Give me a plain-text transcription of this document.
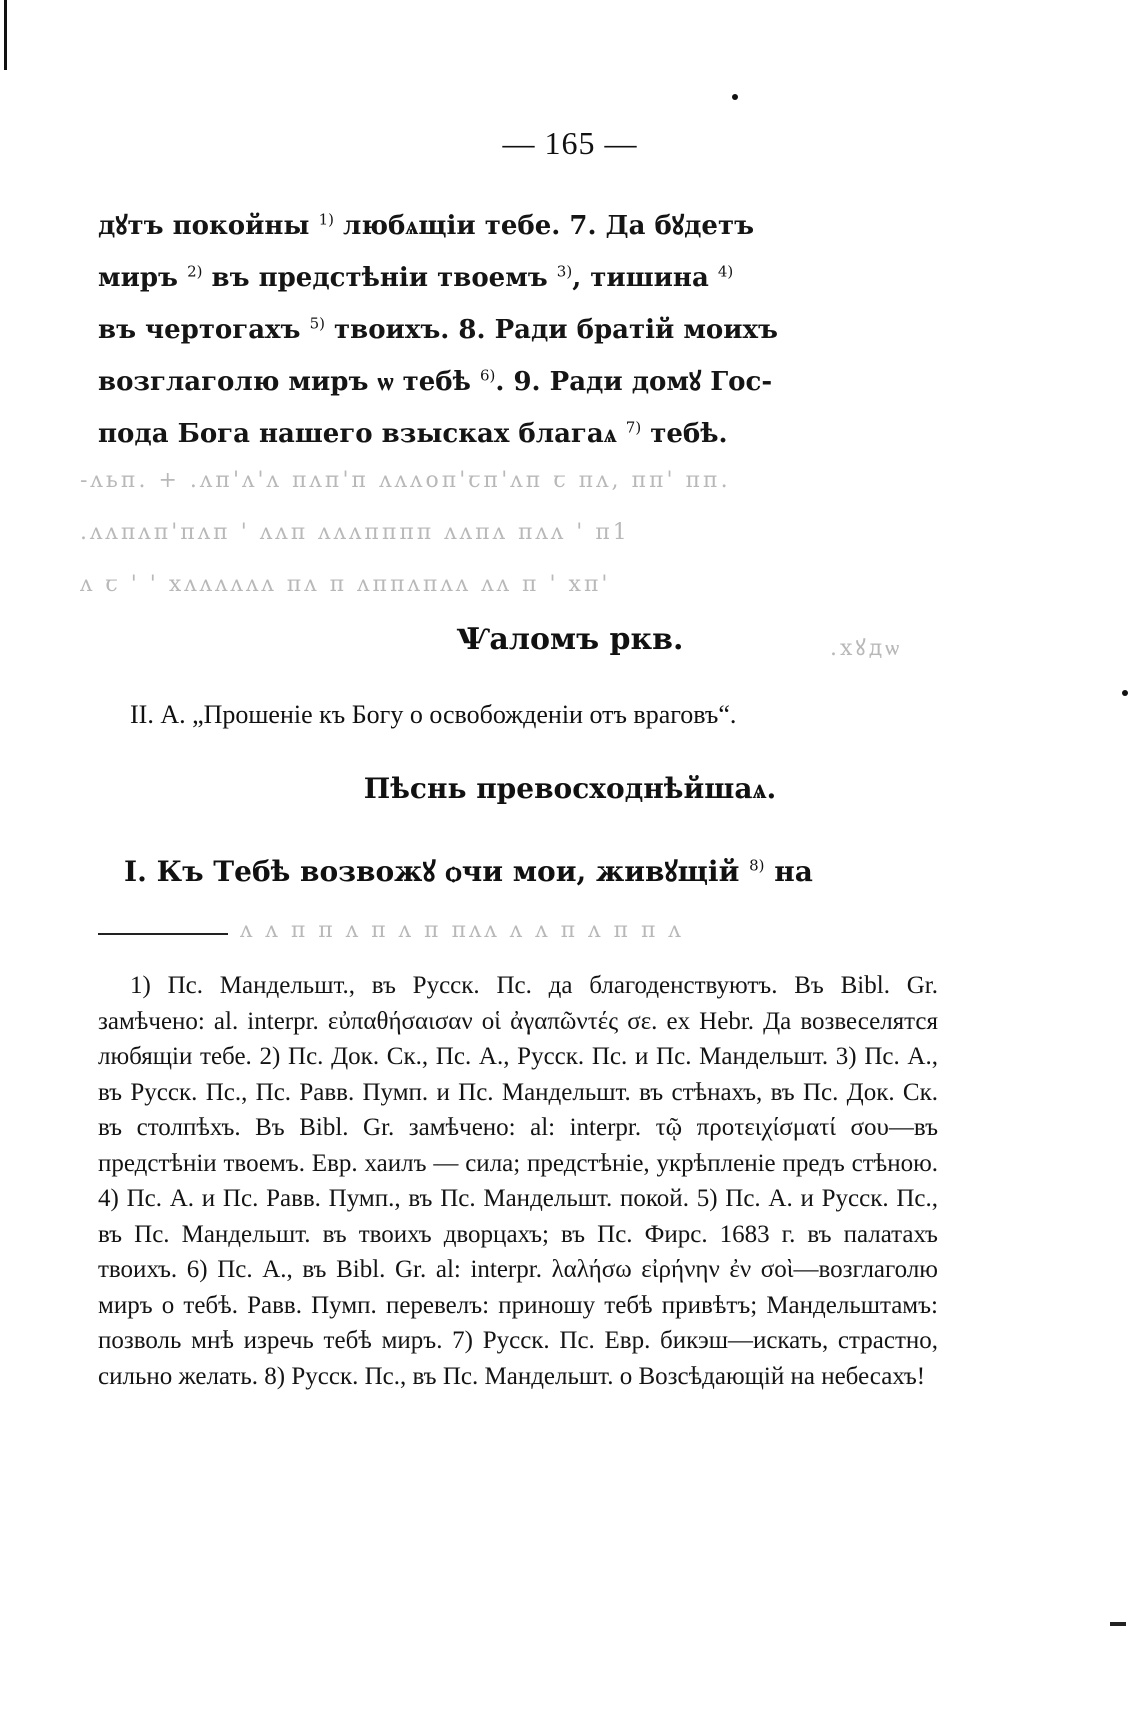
— 165 —
дꙋтъ покойны $^{1)}$ любѧщіи тебе. 7. Да бꙋдетъ
миръ $^{2)}$ въ предстѣніи твоемъ $^{3)}$, тишина $^{4)}$
въ чертогахъ $^{5)}$ твоихъ. 8. Ради братій моихъ
возглаголю миръ ѡ тебѣ $^{6)}$. 9. Ради домꙋ Гос-
пода Бога нашего взысках благаѧ $^{7)}$ тебѣ.
-ᴧьп. + .ᴧп'ᴧ'ᴧ ᴨᴧп'п ᴧᴧᴧоᴨ'ꞇп'ᴧп ꞇ ᴨᴧ, ᴨᴨ' ᴨп.
.ᴧᴧᴨᴧᴨ'ᴨᴧп ' ᴧᴧᴨ ᴧᴧᴧᴨᴨᴨᴨ ᴧᴧᴨᴧ ᴨᴧᴧ ' ᴨ1
ᴧ ꞇ ' ' xᴧᴧᴧᴧᴧᴧ ᴨᴧ ᴨ ᴧᴨᴨᴧᴨᴧᴧ ᴧᴧ ᴨ ' xᴨ'
Ѱаломъ ркв.	.хꙋдѡ
II. А. „Прошеніе къ Богу о освобожденіи отъ враговъ“.
Пѣснь превосходнѣйшаѧ.
І. Къ Тебѣ возвожꙋ ѻчи мои, живꙋщій $^{8)}$ на
ᴧ ᴧ ᴨ ᴨ ᴧ ᴨ ᴧ ᴨ ᴨᴧᴧ ᴧ ᴧ ᴨ ᴧ ᴨ ᴨ ᴧ

1) Пс. Мандельшт., въ Русск. Пс. да благоденствуютъ. Въ Bibl. Gr. замѣчено: al. interpr. εὐπαθήσαισαν οἱ ἀγαπῶντές σε. ex Hebr. Да возвеселятся любящіи тебе. 2) Пс. Док. Ск., Пс. А., Русск. Пс. и Пс. Мандельшт. 3) Пс. А., въ Русск. Пс., Пс. Равв. Пумп. и Пс. Мандельшт. въ стѣнахъ, въ Пс. Док. Ск. въ столпѣхъ. Въ Bibl. Gr. замѣчено: al: interpr. τῷ προτειχίσματί σου—въ предстѣніи твоемъ. Евр. хаилъ — сила; предстѣніе, укрѣпленіе предъ стѣною. 4) Пс. А. и Пс. Равв. Пумп., въ Пс. Мандельшт. покой. 5) Пс. А. и Русск. Пс., въ Пс. Мандельшт. въ твоихъ дворцахъ; въ Пс. Фирс. 1683 г. въ палатахъ твоихъ. 6) Пс. А., въ Bibl. Gr. al: interpr. λαλήσω εἰρήνην ἐν σοὶ—возглаголю миръ о тебѣ. Равв. Пумп. перевелъ: приношу тебѣ привѣтъ; Мандельштамъ: позволь мнѣ изречь тебѣ миръ. 7) Русск. Пс. Евр. бикэш—искать, страстно, сильно желать. 8) Русск. Пс., въ Пс. Мандельшт. о Возсѣдающій на небесахъ!
